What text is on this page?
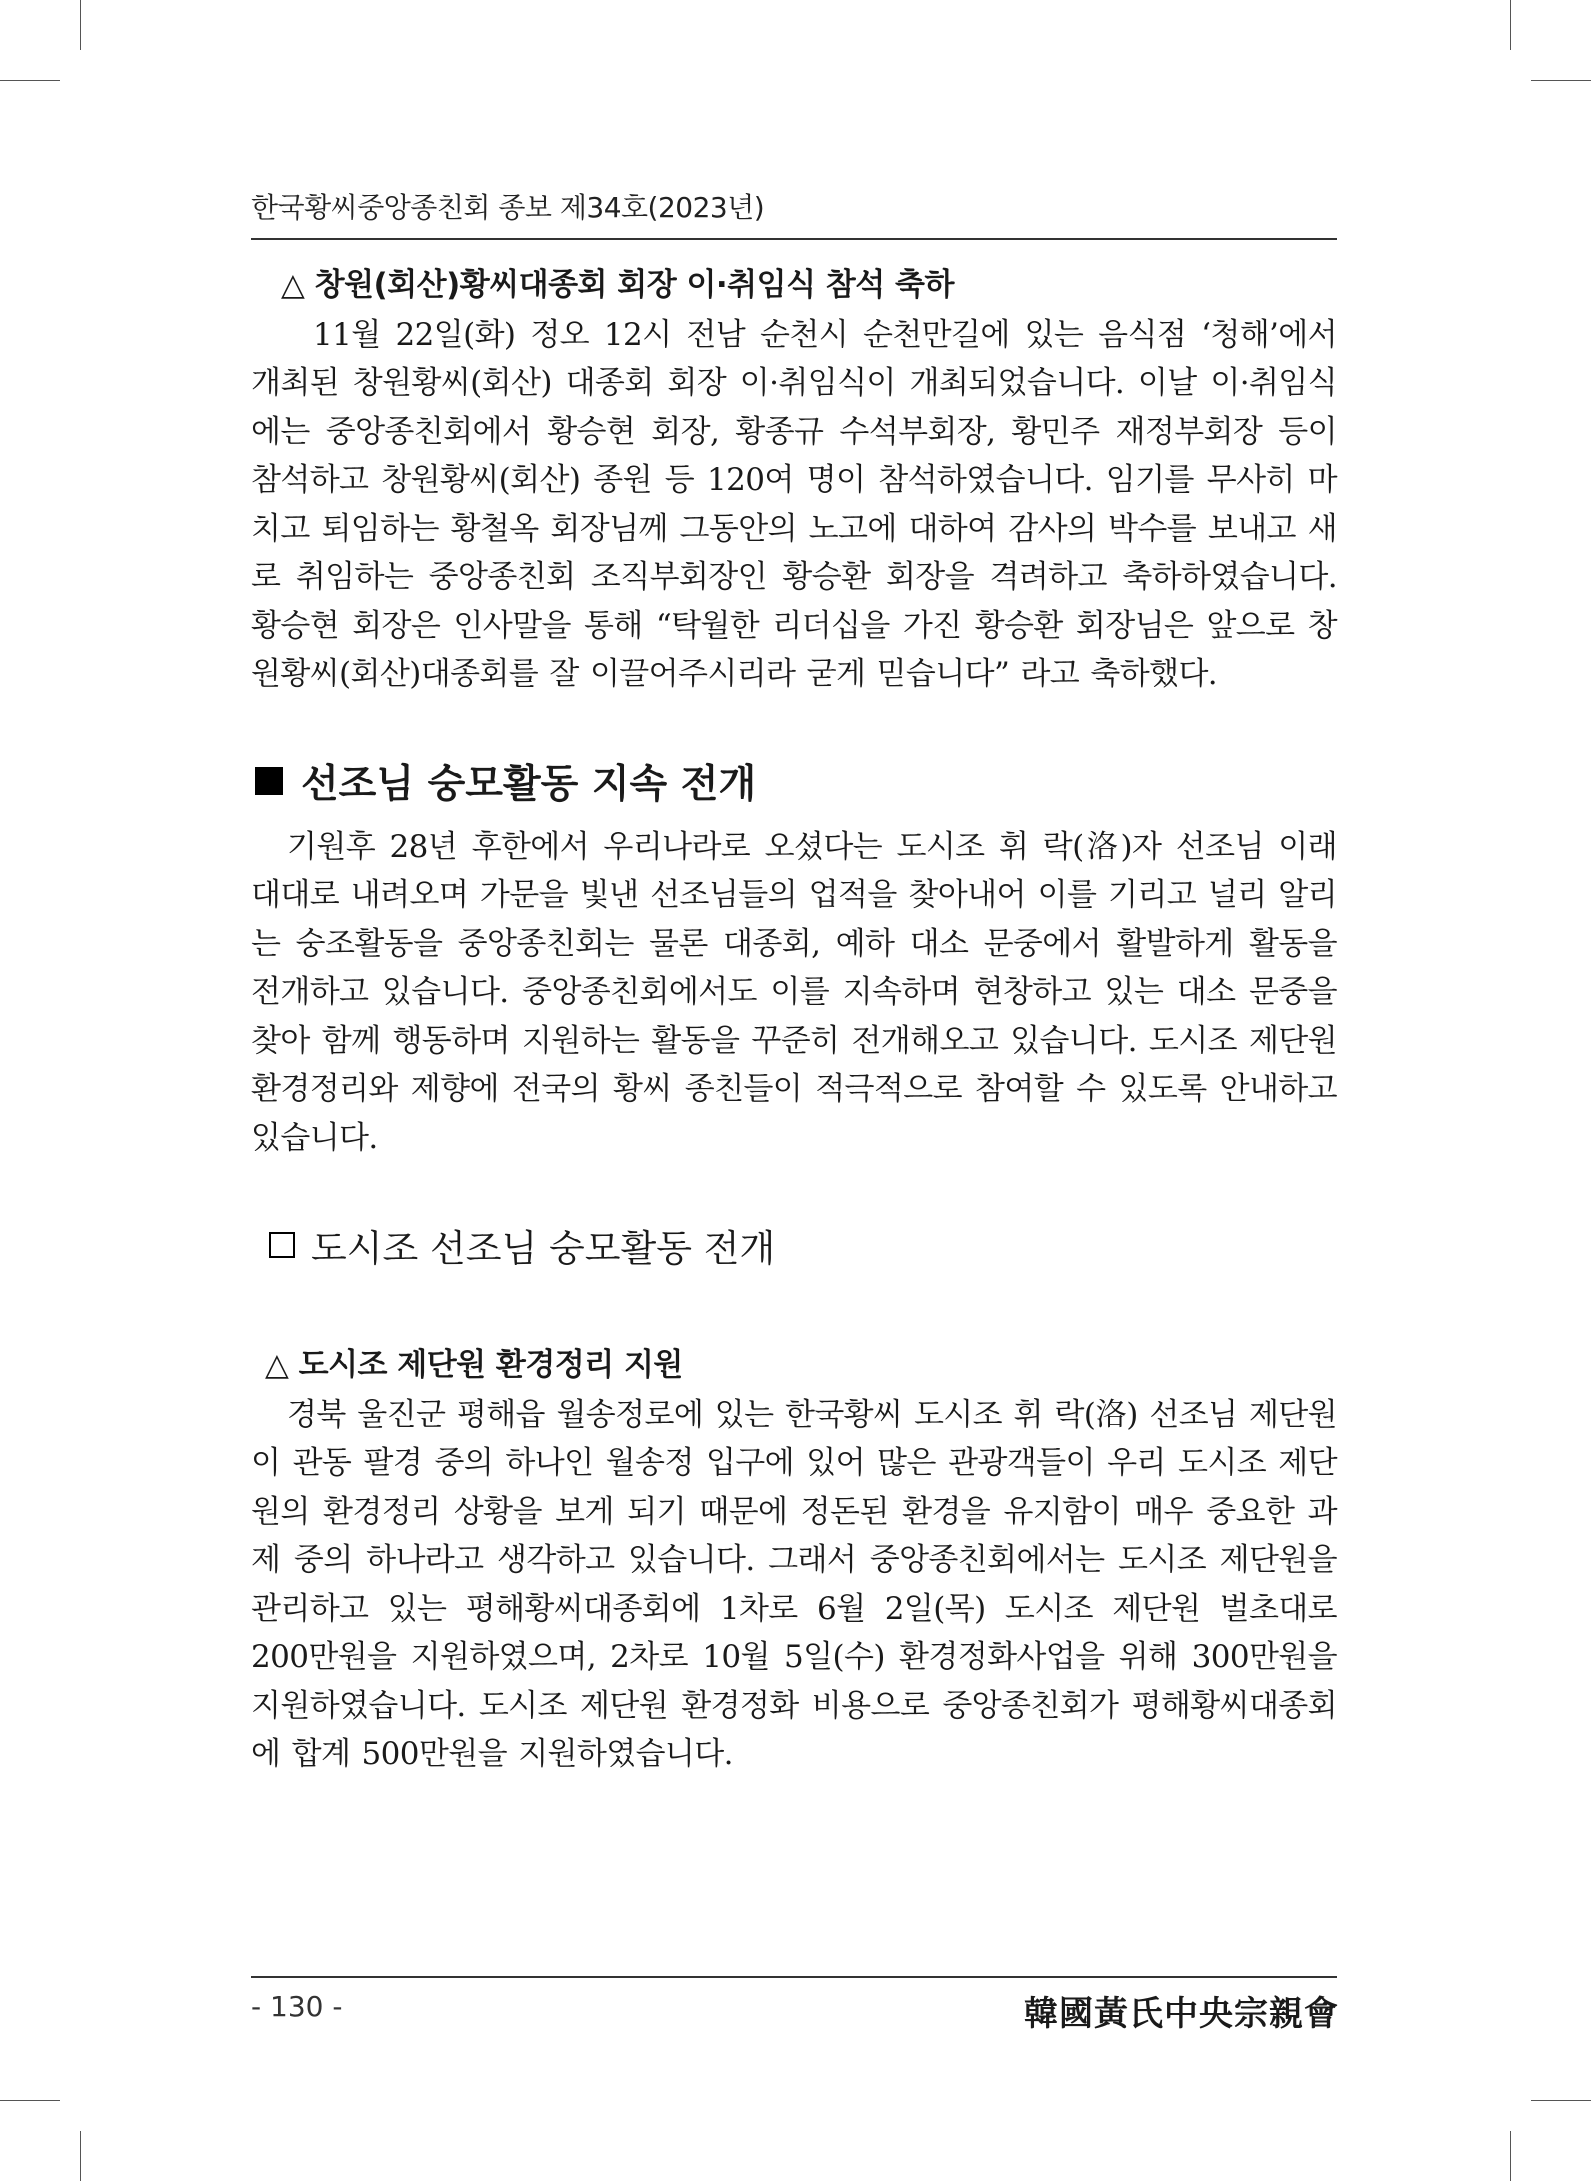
한국황씨중앙종친회 종보 제34호(2023년)
△ 창원(회산)황씨대종회 회장 이·취임식 참석 축하

11월 22일(화) 정오 12시 전남 순천시 순천만길에 있는 음식점 ‘청해’에서 개최된 창원황씨(회산) 대종회 회장 이·취임식이 개최되었습니다. 이날 이·취임식에는 중앙종친회에서 황승현 회장, 황종규 수석부회장, 황민주 재정부회장 등이 참석하고 창원황씨(회산) 종원 등 120여 명이 참석하였습니다. 임기를 무사히 마치고 퇴임하는 황철옥 회장님께 그동안의 노고에 대하여 감사의 박수를 보내고 새로 취임하는 중앙종친회 조직부회장인 황승환 회장을 격려하고 축하하였습니다. 황승현 회장은 인사말을 통해 “탁월한 리더십을 가진 황승환 회장님은 앞으로 창원황씨(회산)대종회를 잘 이끌어주시리라 굳게 믿습니다” 라고 축하했다.

선조님 숭모활동 지속 전개

기원후 28년 후한에서 우리나라로 오셨다는 도시조 휘 락(洛)자 선조님 이래 대대로 내려오며 가문을 빛낸 선조님들의 업적을 찾아내어 이를 기리고 널리 알리는 숭조활동을 중앙종친회는 물론 대종회, 예하 대소 문중에서 활발하게 활동을 전개하고 있습니다. 중앙종친회에서도 이를 지속하며 현창하고 있는 대소 문중을 찾아 함께 행동하며 지원하는 활동을 꾸준히 전개해오고 있습니다. 도시조 제단원 환경정리와 제향에 전국의 황씨 종친들이 적극적으로 참여할 수 있도록 안내하고 있습니다.

도시조 선조님 숭모활동 전개
△ 도시조 제단원 환경정리 지원

경북 울진군 평해읍 월송정로에 있는 한국황씨 도시조 휘 락(洛) 선조님 제단원이 관동 팔경 중의 하나인 월송정 입구에 있어 많은 관광객들이 우리 도시조 제단원의 환경정리 상황을 보게 되기 때문에 정돈된 환경을 유지함이 매우 중요한 과제 중의 하나라고 생각하고 있습니다. 그래서 중앙종친회에서는 도시조 제단원을 관리하고 있는 평해황씨대종회에 1차로 6월 2일(목) 도시조 제단원 벌초대로 200만원을 지원하였으며, 2차로 10월 5일(수) 환경정화사업을 위해 300만원을 지원하였습니다. 도시조 제단원 환경정화 비용으로 중앙종친회가 평해황씨대종회에 합계 500만원을 지원하였습니다.

- 130 -	韓國黃氏中央宗親會
